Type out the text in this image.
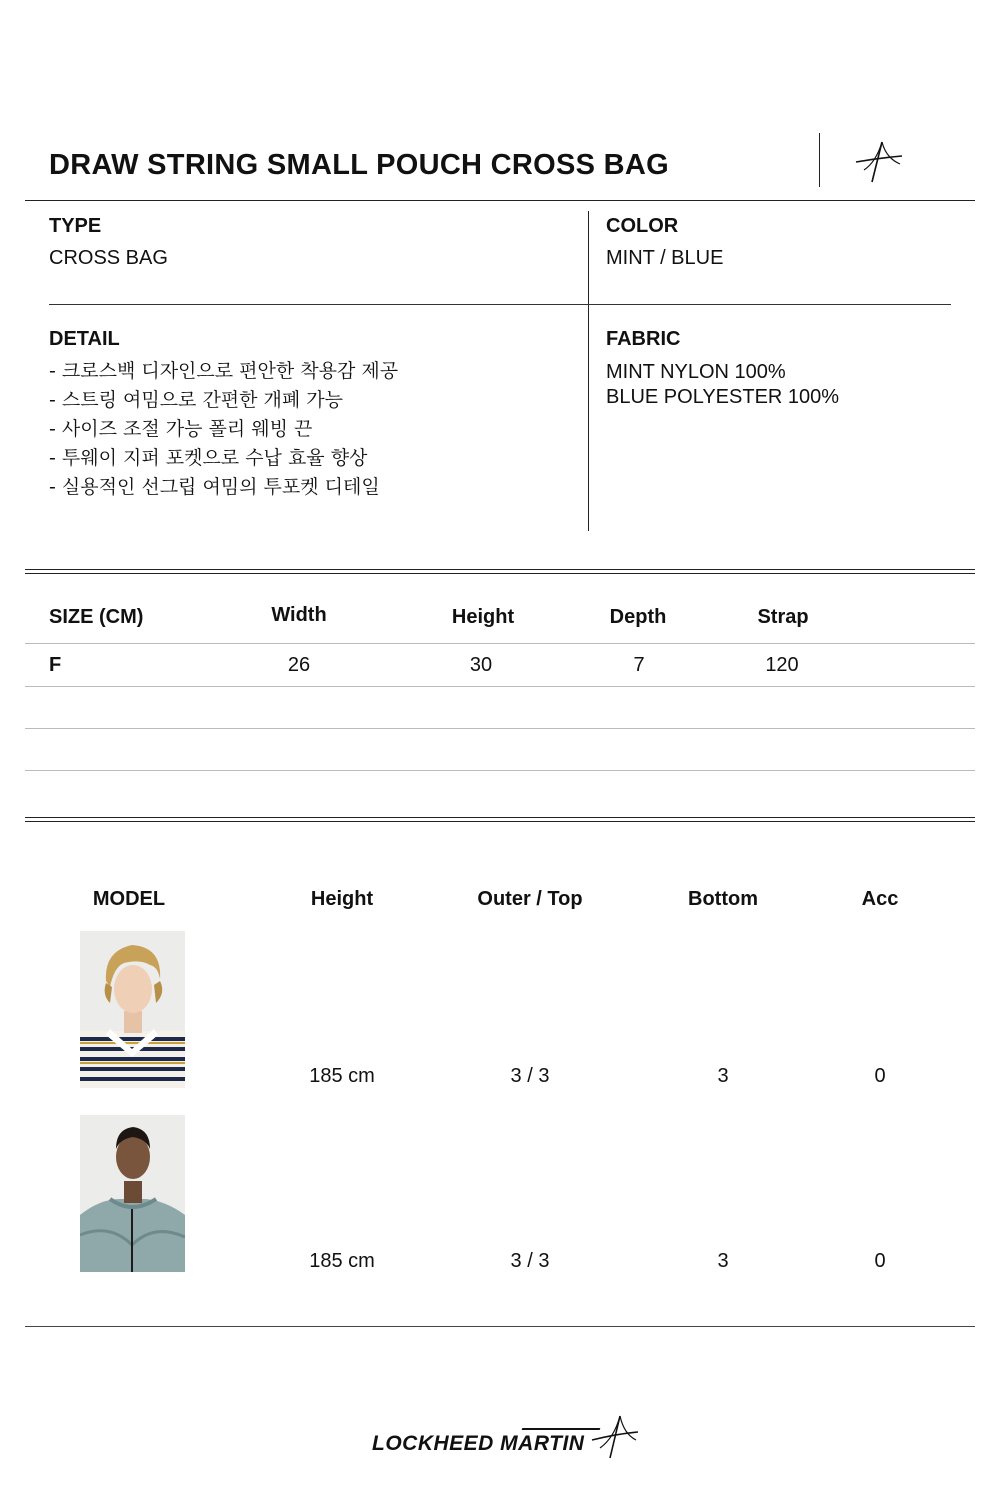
DRAW STRING SMALL POUCH CROSS BAG
TYPE
CROSS BAG
COLOR
MINT / BLUE
DETAIL
- 크로스백 디자인으로 편안한 착용감 제공
- 스트링 여밈으로 간편한 개폐 가능
- 사이즈 조절 가능 폴리 웨빙 끈
- 투웨이 지퍼 포켓으로 수납 효율 향상
- 실용적인 선그립 여밈의 투포켓 디테일
FABRIC
MINT NYLON 100%
BLUE POLYESTER 100%
SIZE (CM)	Width	Height	Depth	Strap
F	26	30	7	120
MODEL	Height	Outer / Top	Bottom	Acc
185 cm	3 / 3	3	0
185 cm	3 / 3	3	0
LOCKHEED MARTIN
